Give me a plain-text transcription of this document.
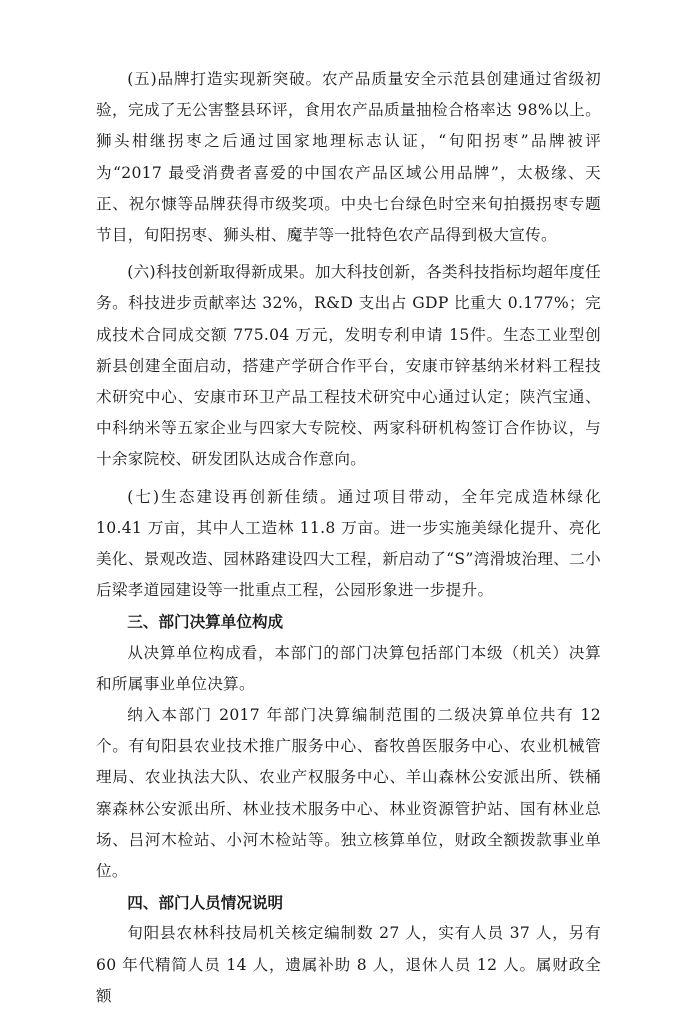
(五)品牌打造实现新突破。农产品质量安全示范县创建通过省级初验，完成了无公害整县环评，食用农产品质量抽检合格率达 98%以上。狮头柑继拐枣之后通过国家地理标志认证，“旬阳拐枣”品牌被评为“2017 最受消费者喜爱的中国农产品区域公用品牌”，太极缘、天正、祝尔慷等品牌获得市级奖项。中央七台绿色时空来旬拍摄拐枣专题节目，旬阳拐枣、狮头柑、魔芋等一批特色农产品得到极大宣传。

(六)科技创新取得新成果。加大科技创新，各类科技指标均超年度任务。科技进步贡献率达 32%，R&D 支出占 GDP 比重大 0.177%；完成技术合同成交额 775.04 万元，发明专利申请 15件。生态工业型创新县创建全面启动，搭建产学研合作平台，安康市锌基纳米材料工程技术研究中心、安康市环卫产品工程技术研究中心通过认定；陕汽宝通、中科纳米等五家企业与四家大专院校、两家科研机构签订合作协议，与十余家院校、研发团队达成合作意向。

(七)生态建设再创新佳绩。通过项目带动，全年完成造林绿化 10.41 万亩，其中人工造林 11.8 万亩。进一步实施美绿化提升、亮化美化、景观改造、园林路建设四大工程，新启动了“S”湾滑坡治理、二小后梁孝道园建设等一批重点工程，公园形象进一步提升。

三、部门决算单位构成

从决算单位构成看，本部门的部门决算包括部门本级（机关）决算和所属事业单位决算。

纳入本部门 2017 年部门决算编制范围的二级决算单位共有 12 个。有旬阳县农业技术推广服务中心、畜牧兽医服务中心、农业机械管理局、农业执法大队、农业产权服务中心、羊山森林公安派出所、铁桶寨森林公安派出所、林业技术服务中心、林业资源管护站、国有林业总场、吕河木检站、小河木检站等。独立核算单位，财政全额拨款事业单位。

四、部门人员情况说明

旬阳县农林科技局机关核定编制数 27 人，实有人员 37 人，另有 60 年代精简人员 14 人，遗属补助 8 人，退休人员 12 人。属财政全额
